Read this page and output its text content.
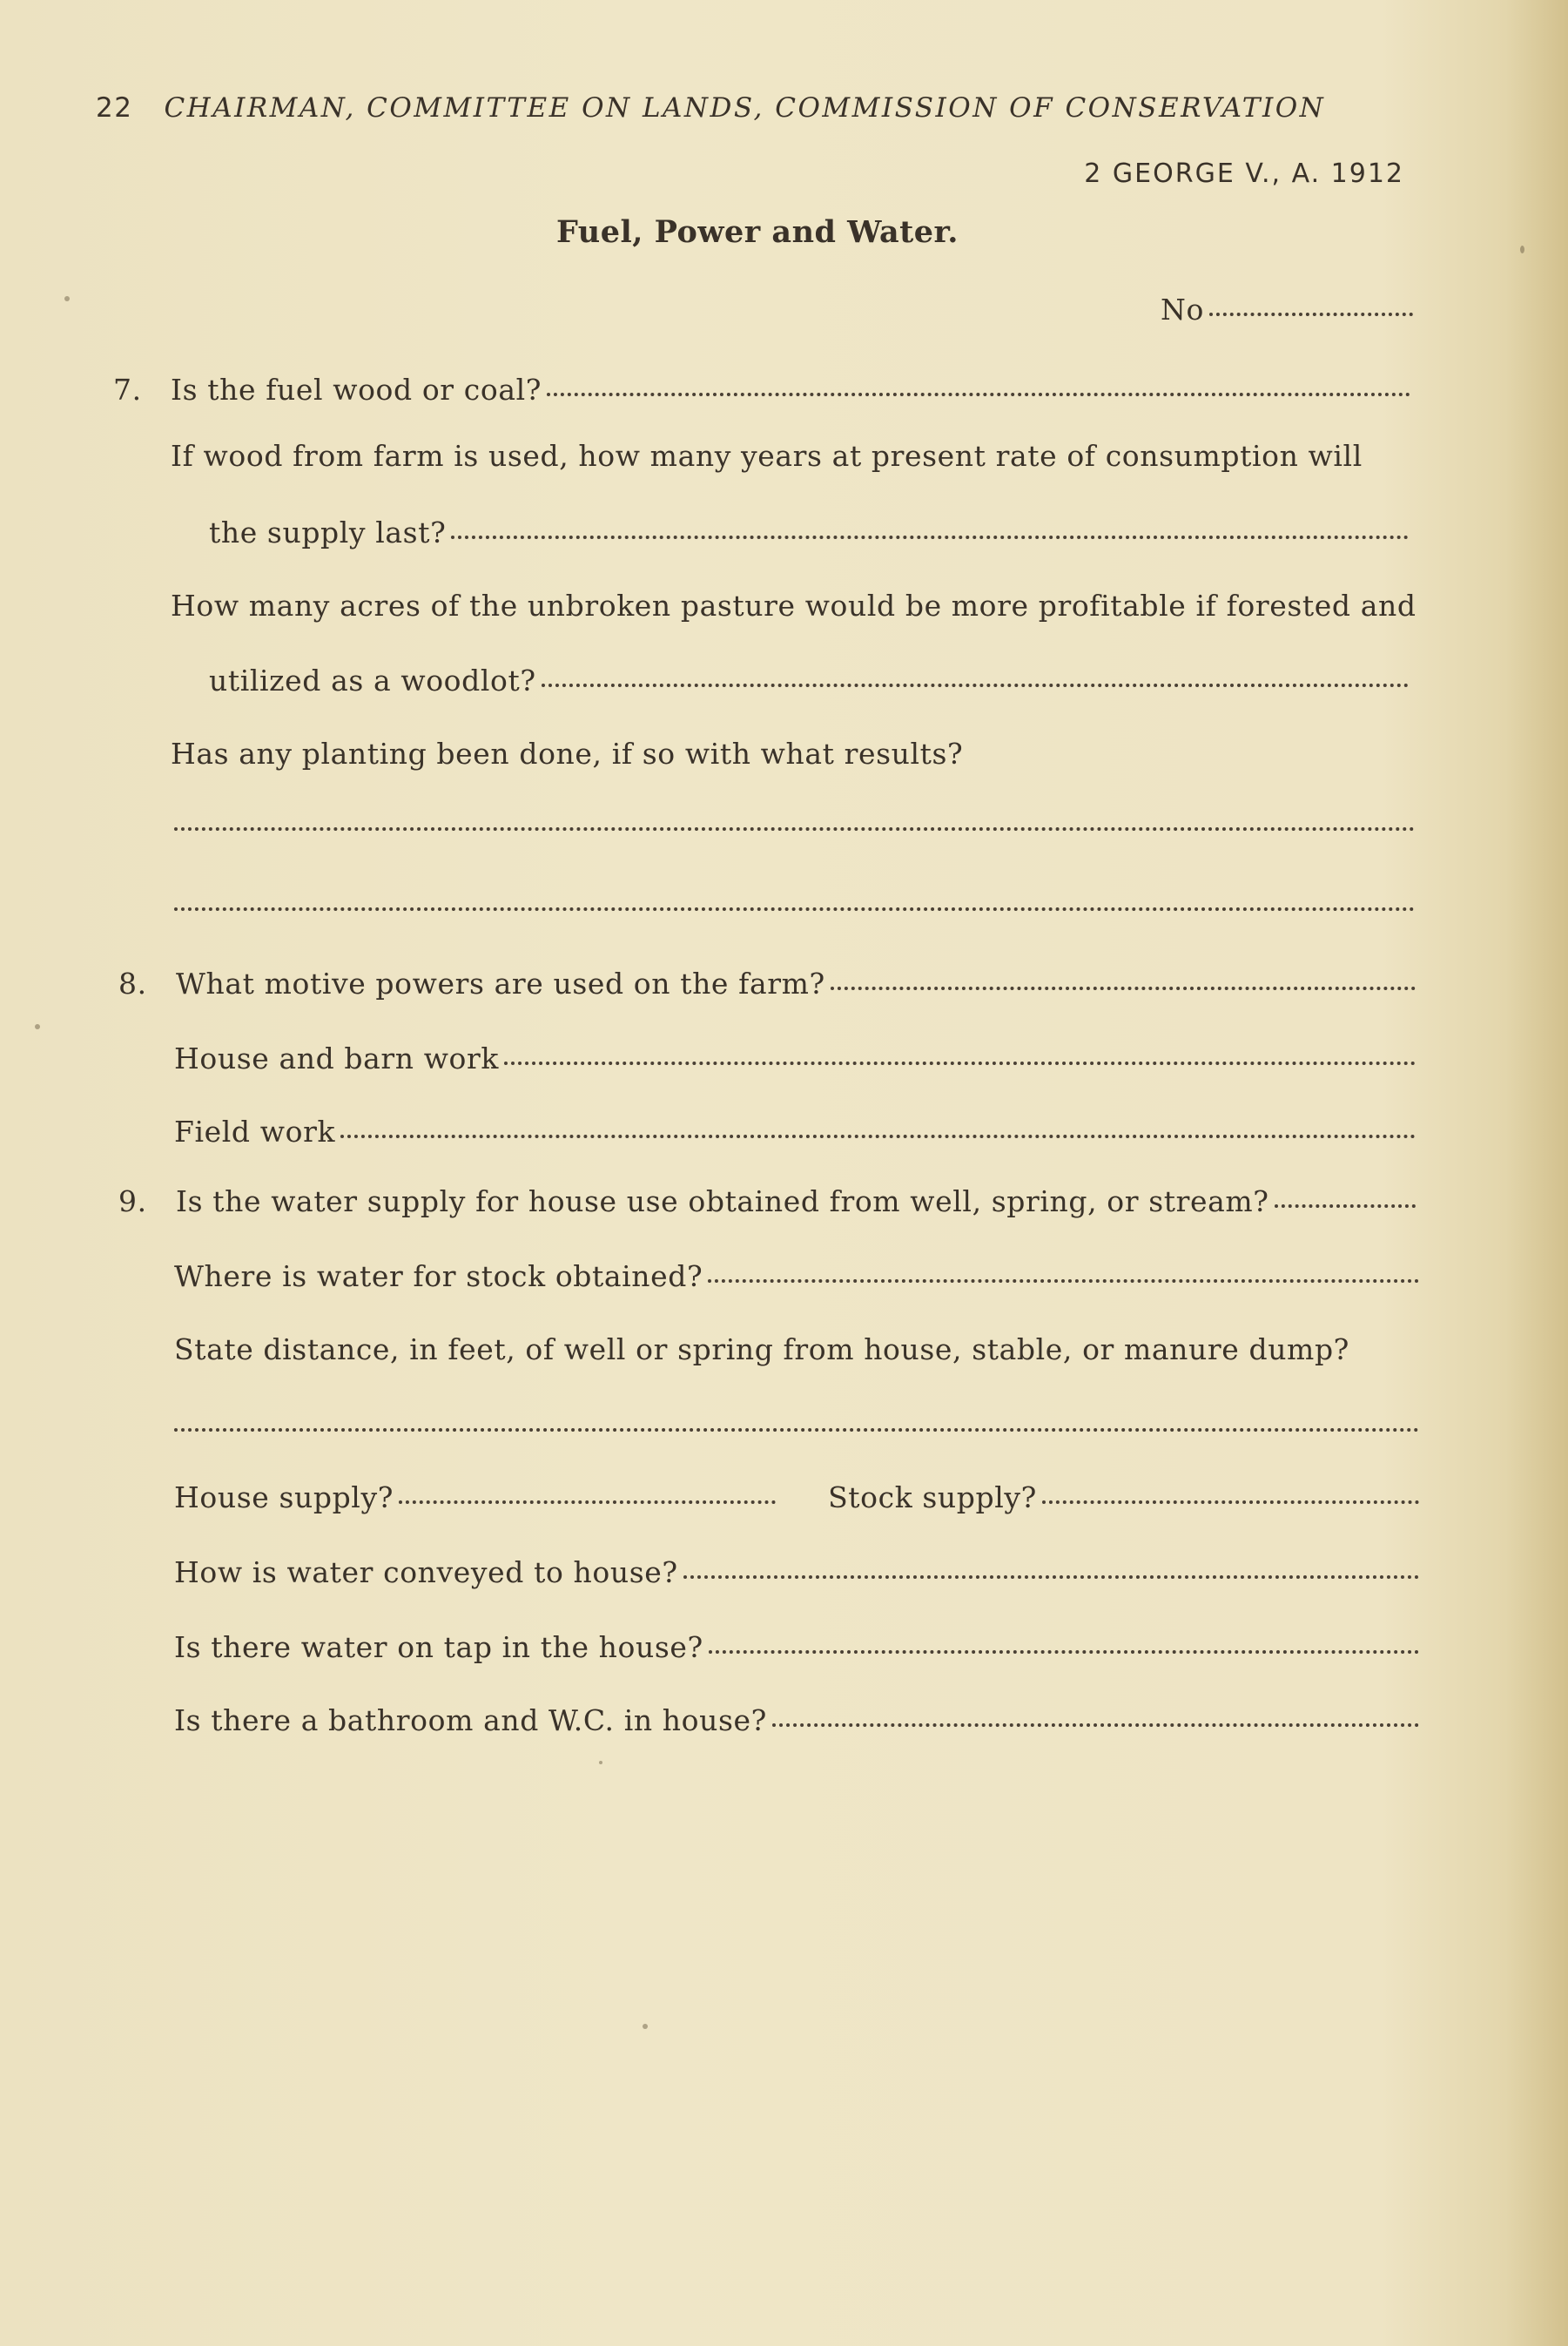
22 CHAIRMAN, COMMITTEE ON LANDS, COMMISSION OF CONSERVATION
2 GEORGE V., A. 1912
Fuel, Power and Water.
No
7.	Is the fuel wood or coal?
If wood from farm is used, how many years at present rate of consumption will
the supply last?
How many acres of the unbroken pasture would be more profitable if forested and
utilized as a woodlot?
Has any planting been done, if so with what results?
8.	What motive powers are used on the farm?
House and barn work
Field work
9.	Is the water supply for house use obtained from well, spring, or stream?
Where is water for stock obtained?
State distance, in feet, of well or spring from house, stable, or manure dump?
House supply?	Stock supply?
How is water conveyed to house?
Is there water on tap in the house?
Is there a bathroom and W.C. in house?
